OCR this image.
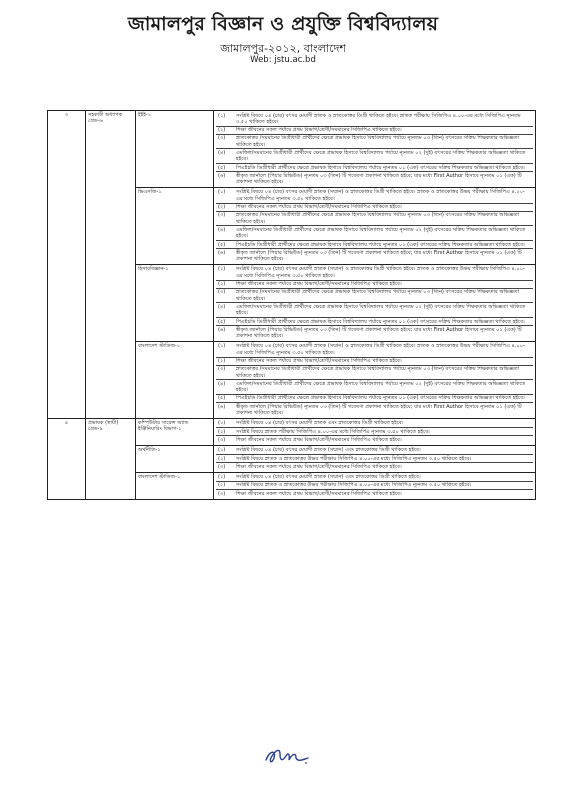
জামালপুর বিজ্ঞান ও প্রযুক্তি বিশ্ববিদ্যালয়
জামালপুর-২০১২, বাংলাদেশ
Web: jstu.ac.bd
৩	সহকারী অধ্যাপক গ্রেড-৬	ইইই-১		(১)	সংশ্লিষ্ট বিষয়ে ০৪ (চার) বৎসর মেয়াদী স্নাতক ও স্নাতকোত্তর ডিগ্রী থাকিতে হইবে। স্নাতক পরীক্ষায় সিজিপিএ ৪.০০-এর মধ্যে সিজিপিএ ন্যূনতম ৩.৫০ থাকিতে হইবে।
(২)	শিক্ষা জীবনের সকল পর্যায়ে প্রথম বিভাগ/শ্রেণী/সমমানের সিজিপিএ থাকিতে হইবে।
(৩)	স্নাতকোত্তর /সমমানের ডিগ্রীধারী প্রার্থীদের ক্ষেত্রে প্রভাষক হিসাবে বিশ্ববিদ্যালয় পর্যায়ে ন্যূনতম ০৩ (তিন) বৎসরের সক্রিয় শিক্ষকতার অভিজ্ঞতা থাকিতে হইবে।
(৪)	এমফিল/সমমানের ডিগ্রীধারী প্রার্থীদের ক্ষেত্রে প্রভাষক হিসাবে বিশ্ববিদ্যালয় পর্যায়ে ন্যূনতম ০২ (দুই) বৎসরের সক্রিয় শিক্ষকতার অভিজ্ঞতা থাকিতে হইবে।
(৫)	পিএইচডি ডিগ্রীধারী প্রার্থীদের ক্ষেত্রে প্রভাষক হিসাবে বিশ্ববিদ্যালয় পর্যায়ে ন্যূনতম ০১ (এক) বৎসরের সক্রিয় শিক্ষকতার অভিজ্ঞতা থাকিতে হইবে।
(৬)	স্বীকৃত জার্নালে (পিয়ার রিভিউড) ন্যূনতম ০৩ (তিন) টি গবেষণা প্রকাশনা থাকিতে হইবে; যার মধ্যে First Author হিসাবে ন্যূনতম ০১ (এক) টি প্রকাশনা থাকিতে হইবে।

ভিএসজি-১		(১)	সংশ্লিষ্ট বিষয়ে ০৪ (চার) বৎসর মেয়াদী স্নাতক (সম্মান) ও স্নাতকোত্তর ডিগ্রী থাকিতে হইবে। স্নাতক ও স্নাতকোত্তর উভয় পরীক্ষায় সিজিপিএ ৪.০০-এর মধ্যে সিজিপিএ ন্যূনতম ৩.৫০ থাকিতে হইবে।
(২)	শিক্ষা জীবনের সকল পর্যায়ে প্রথম বিভাগ/শ্রেণী/সমমানের সিজিপিএ থাকিতে হইবে।
(৩)	স্নাতকোত্তর /সমমানের ডিগ্রীধারী প্রার্থীদের ক্ষেত্রে প্রভাষক হিসাবে বিশ্ববিদ্যালয় পর্যায়ে ন্যূনতম ০৩ (তিন) বৎসরের সক্রিয় শিক্ষকতার অভিজ্ঞতা থাকিতে হইবে।
(৪)	এমফিল/সমমানের ডিগ্রীধারী প্রার্থীদের ক্ষেত্রে প্রভাষক হিসাবে বিশ্ববিদ্যালয় পর্যায়ে ন্যূনতম ০২ (দুই) বৎসরের সক্রিয় শিক্ষকতার অভিজ্ঞতা থাকিতে হইবে।
(৫)	পিএইচডি ডিগ্রীধারী প্রার্থীদের ক্ষেত্রে প্রভাষক হিসাবে বিশ্ববিদ্যালয় পর্যায়ে ন্যূনতম ০১ (এক) বৎসরের সক্রিয় শিক্ষকতার অভিজ্ঞতা থাকিতে হইবে।
(৬)	স্বীকৃত জার্নালে (পিয়ার রিভিউড) ন্যূনতম ০৩ (তিন) টি গবেষণা প্রকাশনা থাকিতে হইবে; যার মধ্যে First Author হিসাবে ন্যূনতম ০১ (এক) টি প্রকাশনা থাকিতে হইবে।

হিসাববিজ্ঞান-১		(১)	সংশ্লিষ্ট বিষয়ে ০৪ (চার) বৎসর মেয়াদী স্নাতক (সম্মান) ও স্নাতকোত্তর ডিগ্রী থাকিতে হইবে। স্নাতক ও স্নাতকোত্তর উভয় পরীক্ষায় সিজিপিএ ৪.০০-এর মধ্যে সিজিপিএ ন্যূনতম ৩.৫০ থাকিতে হইবে।
(২)	শিক্ষা জীবনের সকল পর্যায়ে প্রথম বিভাগ/শ্রেণী/সমমানের সিজিপিএ থাকিতে হইবে।
(৩)	স্নাতকোত্তর /সমমানের ডিগ্রীধারী প্রার্থীদের ক্ষেত্রে প্রভাষক হিসাবে বিশ্ববিদ্যালয় পর্যায়ে ন্যূনতম ০৩ (তিন) বৎসরের সক্রিয় শিক্ষকতার অভিজ্ঞতা থাকিতে হইবে।
(৪)	এমফিল/সমমানের ডিগ্রীধারী প্রার্থীদের ক্ষেত্রে প্রভাষক হিসাবে বিশ্ববিদ্যালয় পর্যায়ে ন্যূনতম ০২ (দুই) বৎসরের সক্রিয় শিক্ষকতার অভিজ্ঞতা থাকিতে হইবে।
(৫)	পিএইচডি ডিগ্রীধারী প্রার্থীদের ক্ষেত্রে প্রভাষক হিসাবে বিশ্ববিদ্যালয় পর্যায়ে ন্যূনতম ০১ (এক) বৎসরের সক্রিয় শিক্ষকতার অভিজ্ঞতা থাকিতে হইবে।
(৬)	স্বীকৃত জার্নালে (পিয়ার রিভিউড) ন্যূনতম ০৩ (তিন) টি গবেষণা প্রকাশনা থাকিতে হইবে; যার মধ্যে First Author হিসাবে ন্যূনতম ০১ (এক) টি প্রকাশনা থাকিতে হইবে।

বাংলাদেশ স্টাডিজ-১		(১)	সংশ্লিষ্ট বিষয়ে ০৪ (চার) বৎসর মেয়াদী স্নাতক (সম্মান) ও স্নাতকোত্তর ডিগ্রী থাকিতে হইবে। স্নাতক ও স্নাতকোত্তর উভয় পরীক্ষায় সিজিপিএ ৪.০০-এর মধ্যে সিজিপিএ ন্যূনতম ৩.৫০ থাকিতে হইবে।
(২)	শিক্ষা জীবনের সকল পর্যায়ে প্রথম বিভাগ/শ্রেণী/সমমানের সিজিপিএ থাকিতে হইবে।
(৩)	স্নাতকোত্তর /সমমানের ডিগ্রীধারী প্রার্থীদের ক্ষেত্রে প্রভাষক হিসাবে বিশ্ববিদ্যালয় পর্যায়ে ন্যূনতম ০৩ (তিন) বৎসরের সক্রিয় শিক্ষকতার অভিজ্ঞতা থাকিতে হইবে।
(৪)	এমফিল/সমমানের ডিগ্রীধারী প্রার্থীদের ক্ষেত্রে প্রভাষক হিসাবে বিশ্ববিদ্যালয় পর্যায়ে ন্যূনতম ০২ (দুই) বৎসরের সক্রিয় শিক্ষকতার অভিজ্ঞতা থাকিতে হইবে।
(৫)	পিএইচডি ডিগ্রীধারী প্রার্থীদের ক্ষেত্রে প্রভাষক হিসাবে বিশ্ববিদ্যালয় পর্যায়ে ন্যূনতম ০১ (এক) বৎসরের সক্রিয় শিক্ষকতার অভিজ্ঞতা থাকিতে হইবে।
(৬)	স্বীকৃত জার্নালে (পিয়ার রিভিউড) ন্যূনতম ০৩ (তিন) টি গবেষণা প্রকাশনা থাকিতে হইবে; যার মধ্যে First Author হিসাবে ন্যূনতম ০১ (এক) টি প্রকাশনা থাকিতে হইবে।

৪	প্রভাষক (স্থায়ী) গ্রেড-৯	কম্পিউটার সায়েন্স অ্যান্ড ইঞ্জিনিয়ারিং বিভাগ-১	
(১)	সংশ্লিষ্ট বিষয়ে ০৪ (চার) বৎসর মেয়াদী স্নাতক এবং স্নাতকোত্তর ডিগ্রী থাকিতে হইবে।
(২)	সংশ্লিষ্ট বিষয়ে স্নাতক পরীক্ষায় সিজিপিএ ৪.০০-এর মধ্যে সিজিপিএ ন্যূনতম ৩.৫০ থাকিতে হইবে।
(৩)	শিক্ষা জীবনের সকল পর্যায়ে প্রথম বিভাগ/শ্রেণী/সমমানের সিজিপিএ থাকিতে হইবে।

অর্থনীতি-১		(১)	সংশ্লিষ্ট বিষয়ে ০৪ (চার) বৎসর মেয়াদী স্নাতক (সম্মান) এবং স্নাতকোত্তর ডিগ্রী থাকিতে হইবে।
(২)	সংশ্লিষ্ট বিষয়ে স্নাতক ও স্নাতকোত্তর উভয় পরীক্ষায় সিজিপিএ ৪.০০-এর মধ্যে সিজিপিএ ন্যূনতম ৩.৫০ থাকিতে হইবে।
(৩)	শিক্ষা জীবনের সকল পর্যায়ে প্রথম বিভাগ/শ্রেণী/সমমানের সিজিপিএ থাকিতে হইবে।

বাংলাদেশ স্টাডিজ-১		(১)	সংশ্লিষ্ট বিষয়ে ০৪ (চার) বৎসর মেয়াদী স্নাতক (সম্মান) এবং স্নাতকোত্তর ডিগ্রী থাকিতে হইবে।
(২)	সংশ্লিষ্ট বিষয়ে স্নাতক ও স্নাতকোত্তর উভয় পরীক্ষায় সিজিপিএ ৪.০০-এর মধ্যে সিজিপিএ ন্যূনতম ৩.৫০ থাকিতে হইবে।
(৩)	শিক্ষা জীবনের সকল পর্যায়ে প্রথম বিভাগ/শ্রেণী/সমমানের সিজিপিএ থাকিতে হইবে।
